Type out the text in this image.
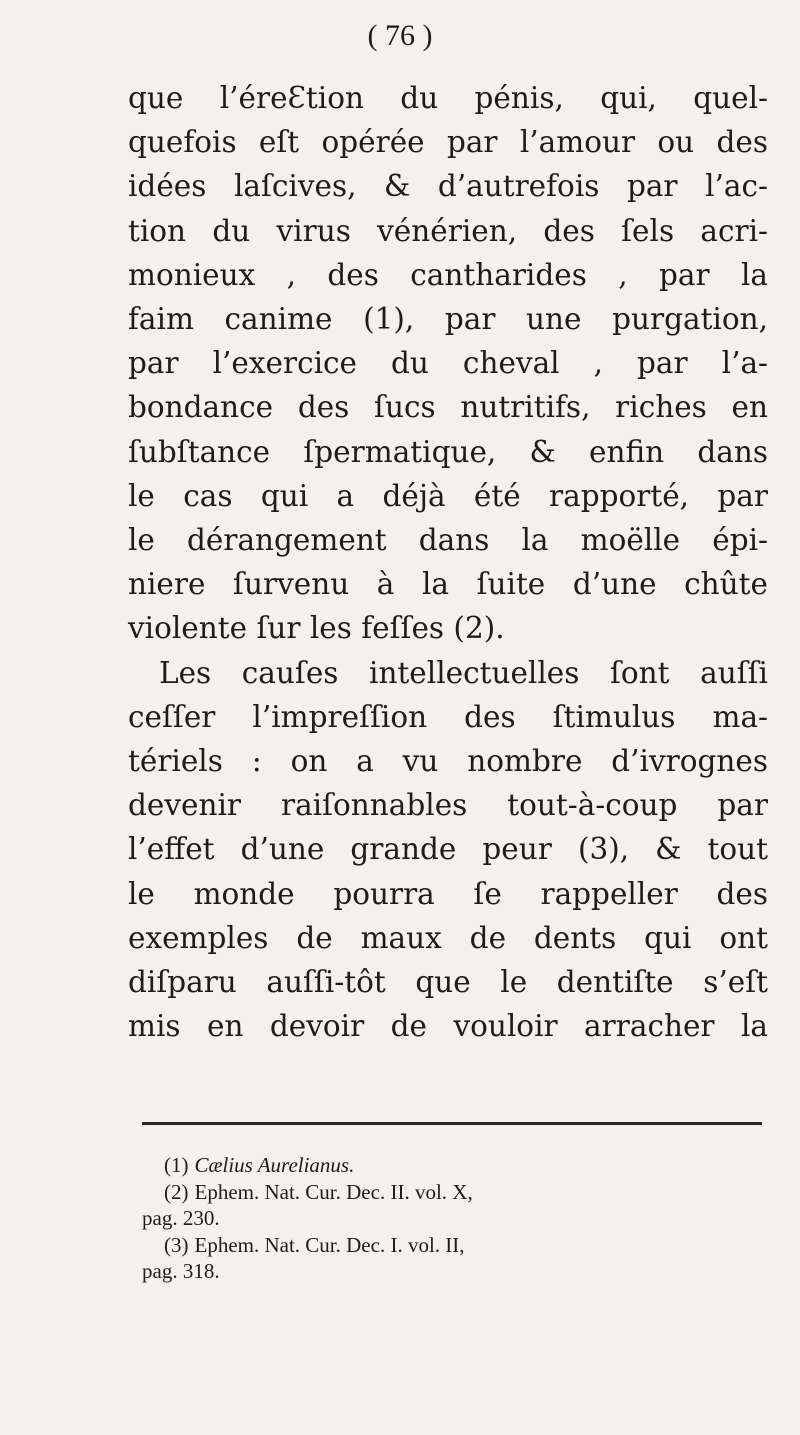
( 76 )
que l’éreƐtion du pénis, qui, quel-
quefois eſt opérée par l’amour ou des
idées laſcives, & d’autrefois par l’ac-
tion du virus vénérien, des ſels acri-
monieux , des cantharides , par la
faim canime (1), par une purgation,
par l’exercice du cheval , par l’a-
bondance des ſucs nutritifs, riches en
ſubſtance ſpermatique, & enfin dans
le cas qui a déjà été rapporté, par
le dérangement dans la moëlle épi-
niere ſurvenu à la ſuite d’une chûte
violente ſur les feſſes (2).
Les cauſes intellectuelles ſont auſſi
ceſſer l’impreſſion des ſtimulus ma-
tériels : on a vu nombre d’ivrognes
devenir raiſonnables tout-à-coup par
l’effet d’une grande peur (3), & tout
le monde pourra ſe rappeller des
exemples de maux de dents qui ont
diſparu auſſi-tôt que le dentiſte s’eſt
mis en devoir de vouloir arracher la
(1) Cælius Aurelianus.
(2) Ephem. Nat. Cur. Dec. II. vol. X,
pag. 230.
(3) Ephem. Nat. Cur. Dec. I. vol. II,
pag. 318.
